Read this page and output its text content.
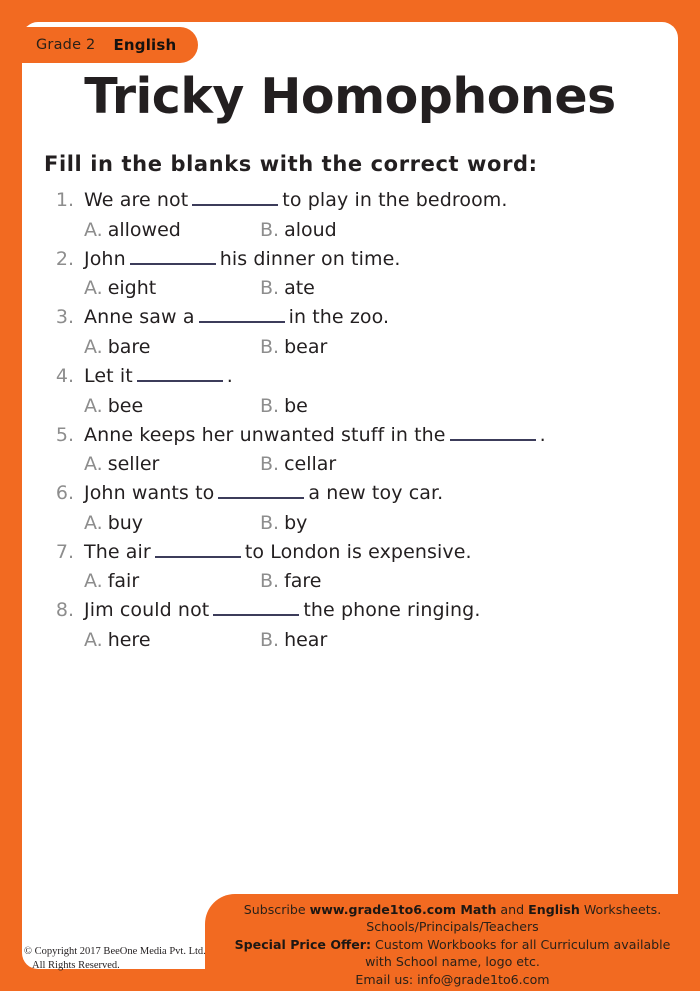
Grade 2 English
Tricky Homophones
Fill in the blanks with the correct word:
1. We are not	to play in the bedroom.
A. allowed	B. aloud
2. John	his dinner on time.
A. eight	B. ate
3. Anne saw a	in the zoo.
A. bare	B. bear
4. Let it	.
A. bee	B. be
5. Anne keeps her unwanted stuff in the	.
A. seller	B. cellar
6. John wants to	a new toy car.
A. buy	B. by
7. The air	to London is expensive.
A. fair	B. fare
8. Jim could not	the phone ringing.
A. here	B. hear
© Copyright 2017 BeeOne Media Pvt. Ltd.
All Rights Reserved.
Subscribe www.grade1to6.com Math and English Worksheets.
Schools/Principals/Teachers
Special Price Offer: Custom Workbooks for all Curriculum available
with School name, logo etc.
Email us: info@grade1to6.com
